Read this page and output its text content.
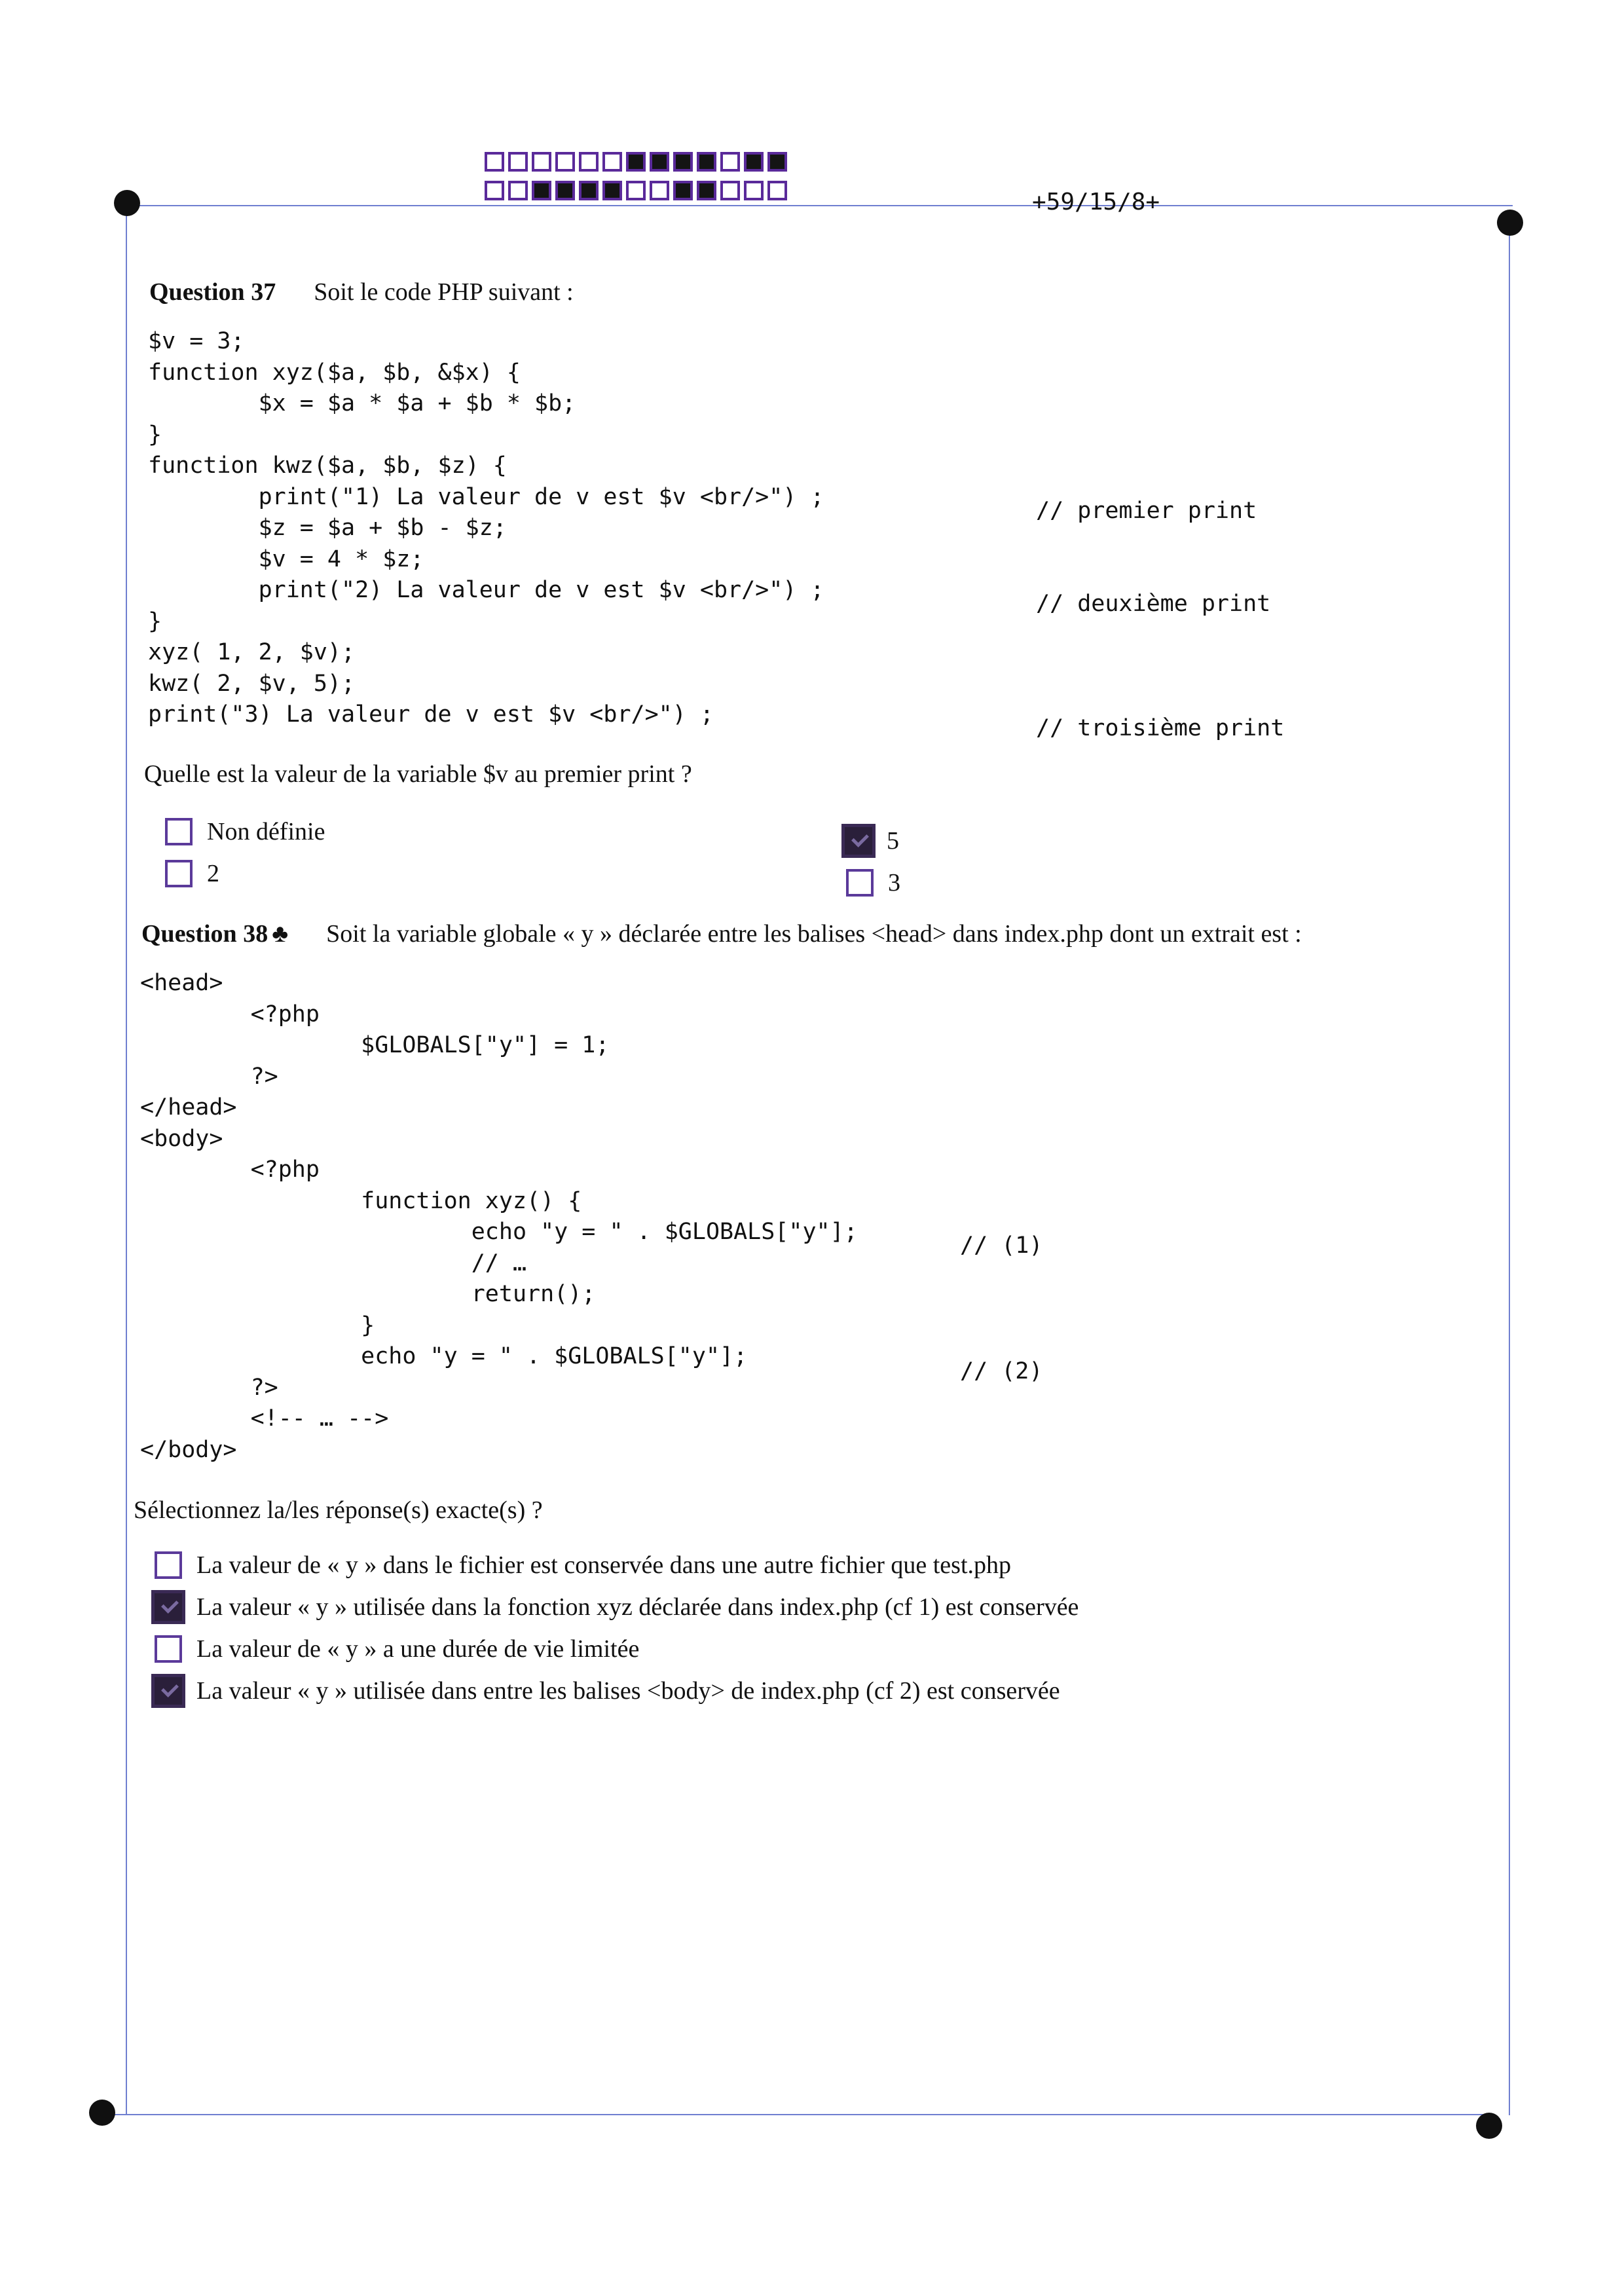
+59/15/8+
Question 37 Soit le code PHP suivant :
$v = 3;
function xyz($a, $b, &$x) {
$x = $a * $a + $b * $b;
}
function kwz($a, $b, $z) {
print("1) La valeur de v est $v <br/>") ;
$z = $a + $b - $z;
$v = 4 * $z;
print("2) La valeur de v est $v <br/>") ;
}
xyz( 1, 2, $v);
kwz( 2, $v, 5);
print("3) La valeur de v est $v <br/>") ;
// premier print
// deuxième print
// troisième print
Quelle est la valeur de la variable $v au premier print ?
Non définie
2
5
3
Question 38 ♣ Soit la variable globale « y » déclarée entre les balises <head> dans index.php dont un extrait est :
<head>
<?php
$GLOBALS["y"] = 1;
?>
</head>
<body>
<?php
function xyz() {
echo "y = " . $GLOBALS["y"];
// …
return();
}
echo "y = " . $GLOBALS["y"];
?>
<!-- … -->
</body>
// (1)
// (2)
Sélectionnez la/les réponse(s) exacte(s) ?
La valeur de « y » dans le fichier est conservée dans une autre fichier que test.php
La valeur « y » utilisée dans la fonction xyz déclarée dans index.php (cf 1) est conservée
La valeur de « y » a une durée de vie limitée
La valeur « y » utilisée dans entre les balises <body> de index.php (cf 2) est conservée
